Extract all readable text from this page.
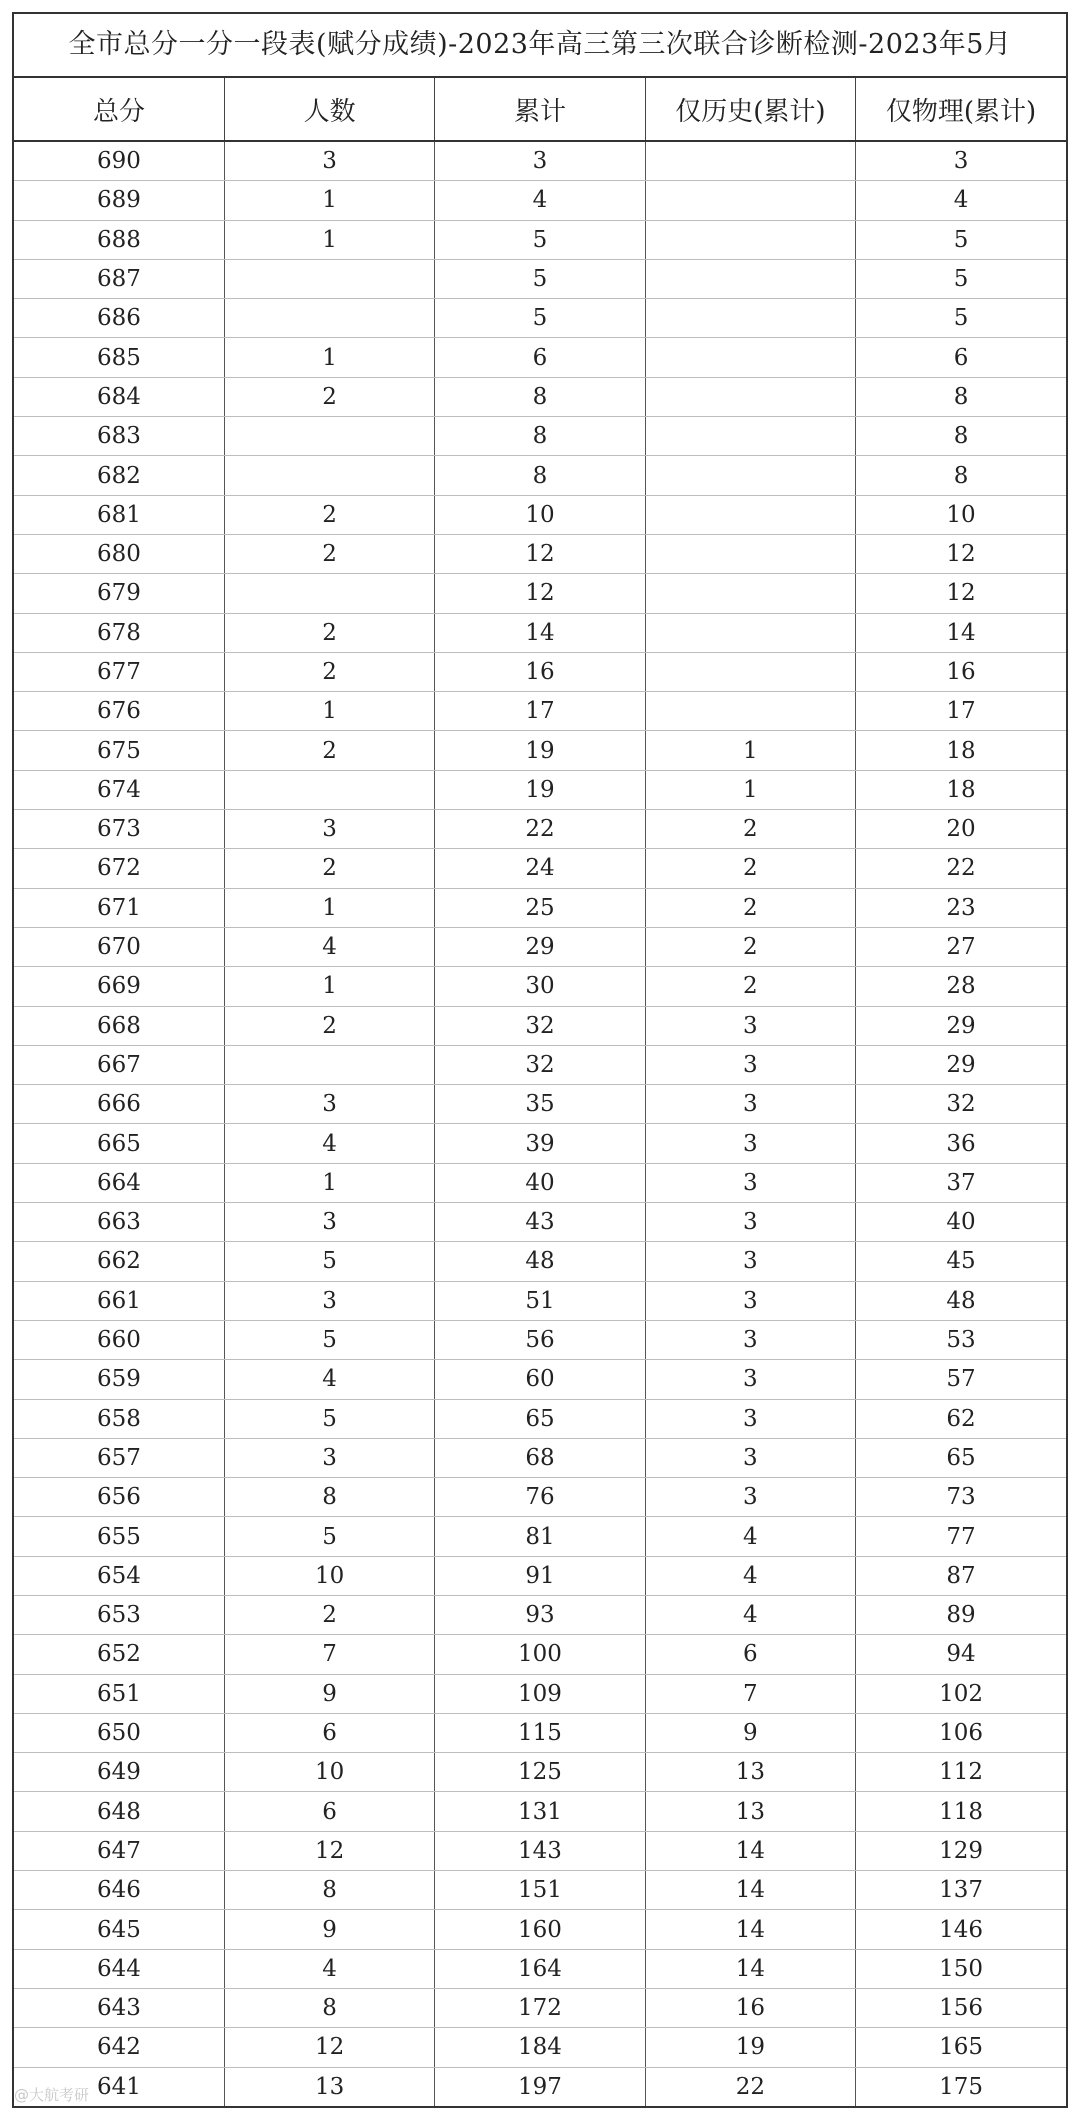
全市总分一分一段表(赋分成绩)-2023年高三第三次联合诊断检测-2023年5月
总分	人数	累计	仅历史(累计)	仅物理(累计)
690	3	3		3
689	1	4		4
688	1	5		5
687		5		5
686		5		5
685	1	6		6
684	2	8		8
683		8		8
682		8		8
681	2	10		10
680	2	12		12
679		12		12
678	2	14		14
677	2	16		16
676	1	17		17
675	2	19	1	18
674		19	1	18
673	3	22	2	20
672	2	24	2	22
671	1	25	2	23
670	4	29	2	27
669	1	30	2	28
668	2	32	3	29
667		32	3	29
666	3	35	3	32
665	4	39	3	36
664	1	40	3	37
663	3	43	3	40
662	5	48	3	45
661	3	51	3	48
660	5	56	3	53
659	4	60	3	57
658	5	65	3	62
657	3	68	3	65
656	8	76	3	73
655	5	81	4	77
654	10	91	4	87
653	2	93	4	89
652	7	100	6	94
651	9	109	7	102
650	6	115	9	106
649	10	125	13	112
648	6	131	13	118
647	12	143	14	129
646	8	151	14	137
645	9	160	14	146
644	4	164	14	150
643	8	172	16	156
642	12	184	19	165
641	13	197	22	175
@大航考研
